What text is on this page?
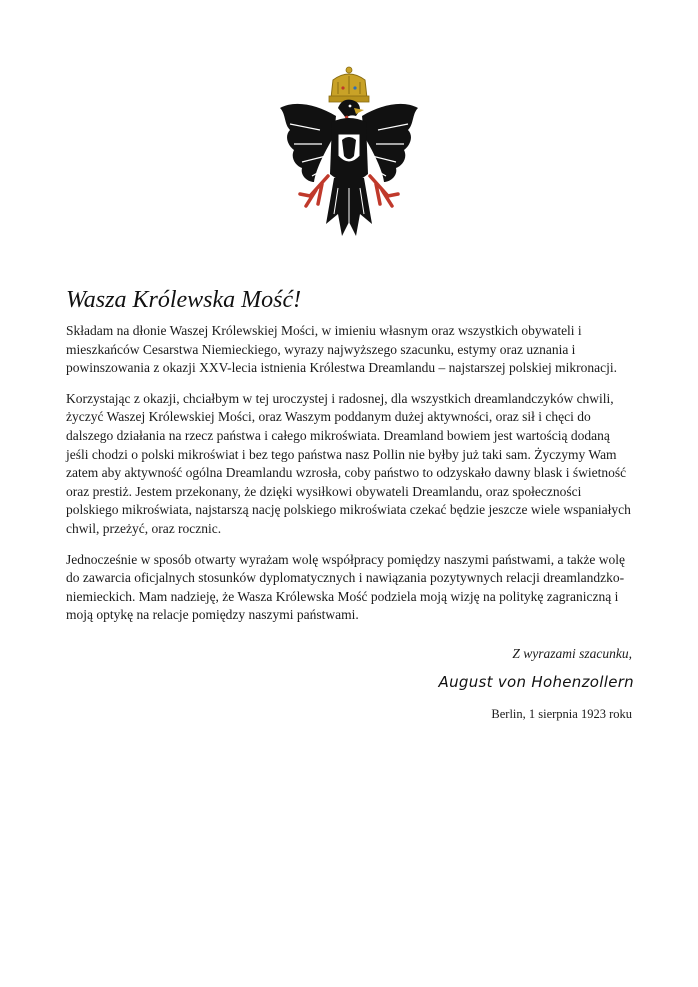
Wasza Królewska Mość!

Składam na dłonie Waszej Królewskiej Mości, w imieniu własnym oraz wszystkich obywateli i mieszkańców Cesarstwa Niemieckiego, wyrazy najwyższego szacunku, estymy oraz uznania i powinszowania z okazji XXV-lecia istnienia Królestwa Dreamlandu – najstarszej polskiej mikronacji.

Korzystając z okazji, chciałbym w tej uroczystej i radosnej, dla wszystkich dreamlandczyków chwili, życzyć Waszej Królewskiej Mości, oraz Waszym poddanym dużej aktywności, oraz sił i chęci do dalszego działania na rzecz państwa i całego mikroświata. Dreamland bowiem jest wartością dodaną jeśli chodzi o polski mikroświat i bez tego państwa nasz Pollin nie byłby już taki sam. Życzymy Wam zatem aby aktywność ogólna Dreamlandu wzrosła, coby państwo to odzyskało dawny blask i świetność oraz prestiż. Jestem przekonany, że dzięki wysiłkowi obywateli Dreamlandu, oraz społeczności polskiego mikroświata, najstarszą nację polskiego mikroświata czekać będzie jeszcze wiele wspaniałych chwil, przeżyć, oraz rocznic.

Jednocześnie w sposób otwarty wyrażam wolę współpracy pomiędzy naszymi państwami, a także wolę do zawarcia oficjalnych stosunków dyplomatycznych i nawiązania pozytywnych relacji dreamlandzko-niemieckich. Mam nadzieję, że Wasza Królewska Mość podziela moją wizję na politykę zagraniczną i moją optykę na relacje pomiędzy naszymi państwami.

Z wyrazami szacunku,

August von Hohenzollern

Berlin, 1 sierpnia 1923 roku
